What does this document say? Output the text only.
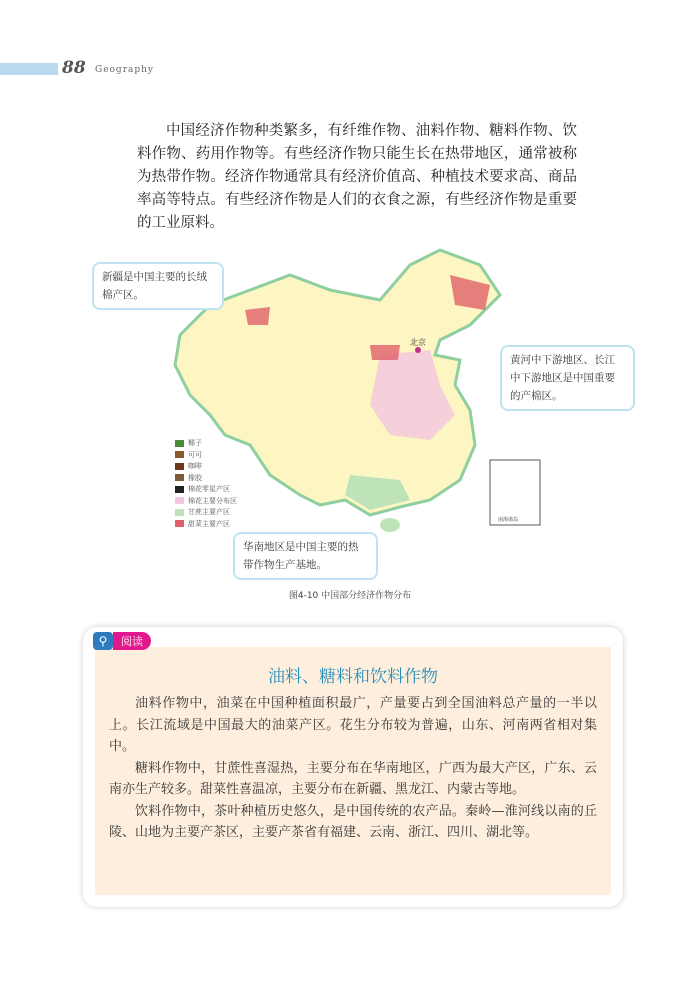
88 Geography
中国经济作物种类繁多，有纤维作物、油料作物、糖料作物、饮料作物、药用作物等。有些经济作物只能生长在热带地区，通常被称为热带作物。经济作物通常具有经济价值高、种植技术要求高、商品率高等特点。有些经济作物是人们的衣食之源，有些经济作物是重要的工业原料。
北京
南海诸岛
新疆是中国主要的长绒棉产区。
黄河中下游地区、长江中下游地区是中国重要的产棉区。
华南地区是中国主要的热带作物生产基地。
椰子
可可
咖啡
橡胶
棉花零星产区
棉花主要分布区
甘蔗主要产区
甜菜主要产区
图4-10 中国部分经济作物分布
⚲ 阅读
油料、糖料和饮料作物

油料作物中，油菜在中国种植面积最广，产量要占到全国油料总产量的一半以上。长江流域是中国最大的油菜产区。花生分布较为普遍，山东、河南两省相对集中。

糖料作物中，甘蔗性喜湿热，主要分布在华南地区，广西为最大产区，广东、云南亦生产较多。甜菜性喜温凉，主要分布在新疆、黑龙江、内蒙古等地。

饮料作物中，茶叶种植历史悠久，是中国传统的农产品。秦岭—淮河线以南的丘陵、山地为主要产茶区，主要产茶省有福建、云南、浙江、四川、湖北等。
